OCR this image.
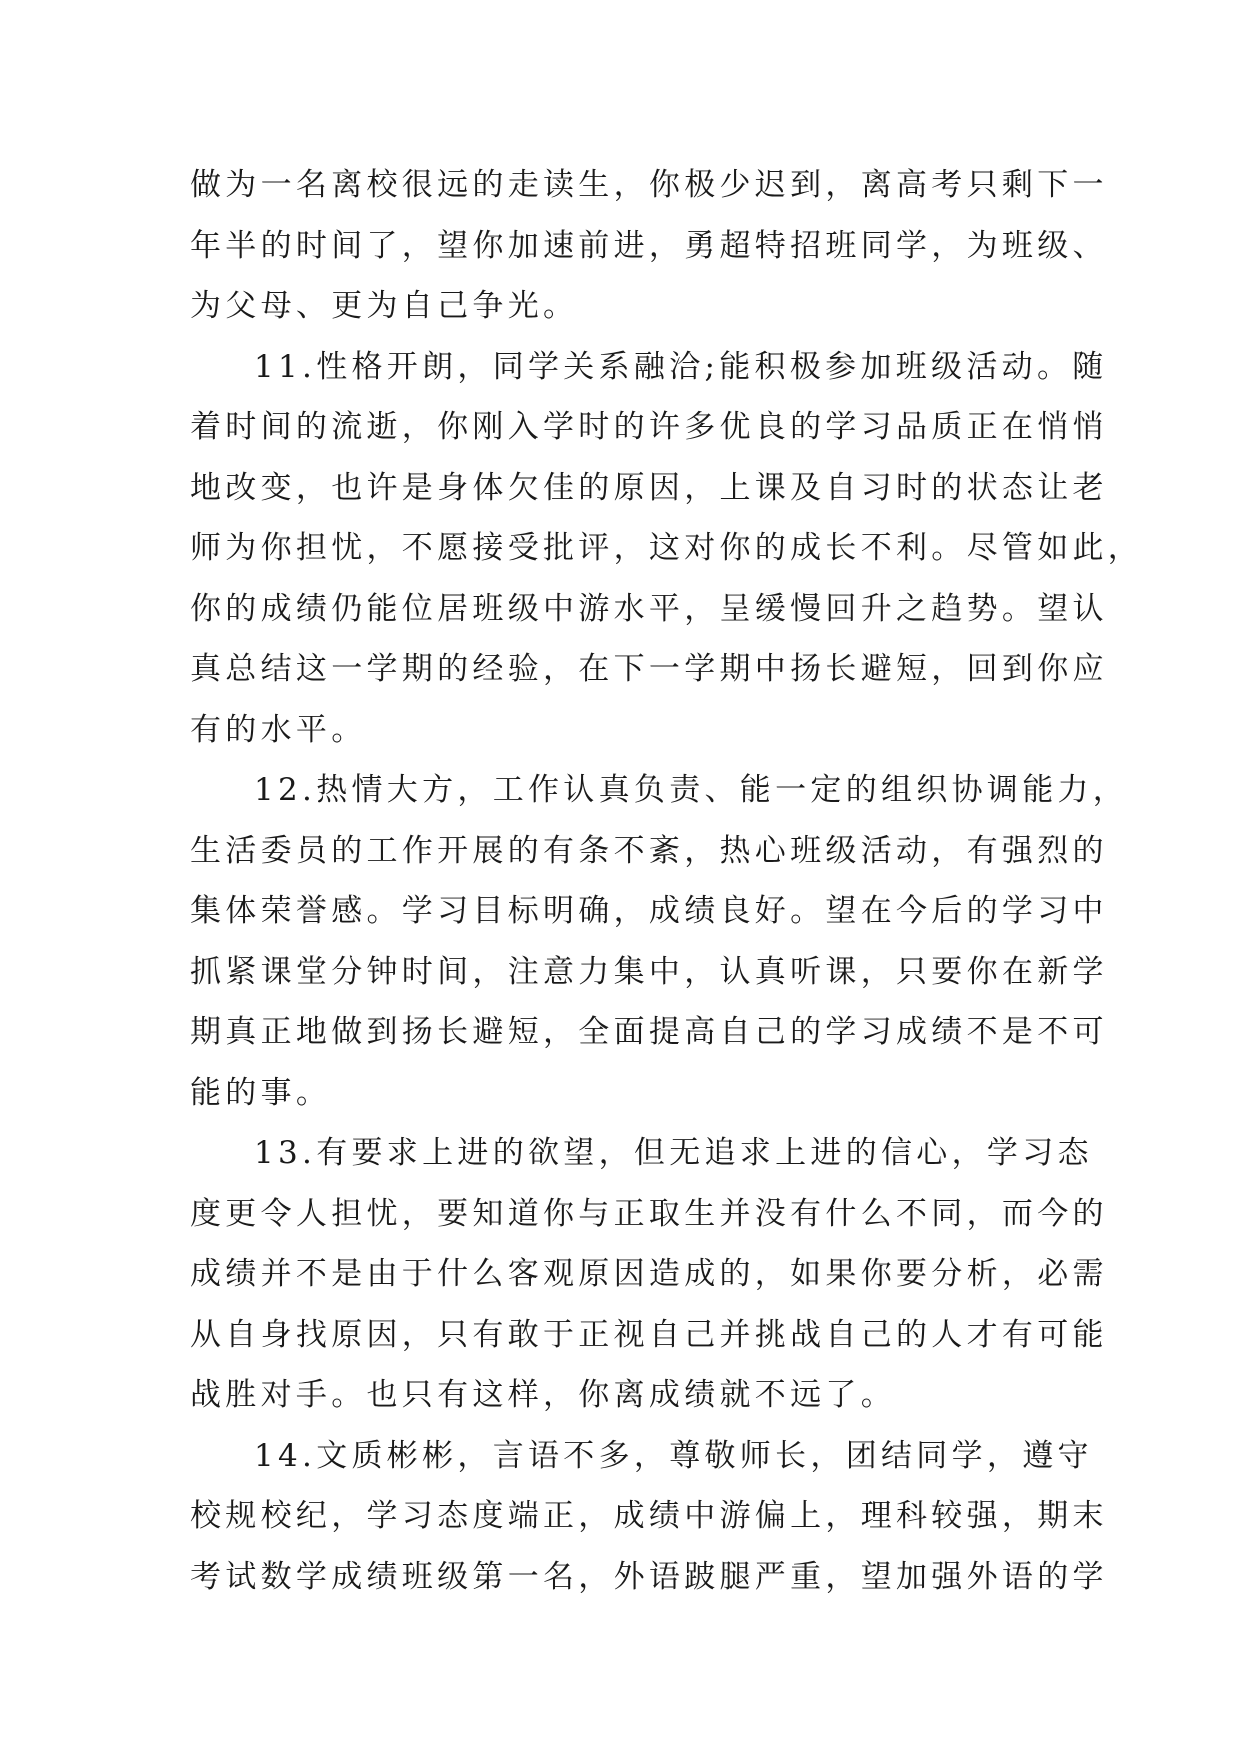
做为一名离校很远的走读生，你极少迟到，离高考只剩下一
年半的时间了，望你加速前进，勇超特招班同学，为班级、
为父母、更为自己争光。
11.性格开朗，同学关系融洽;能积极参加班级活动。随
着时间的流逝，你刚入学时的许多优良的学习品质正在悄悄
地改变，也许是身体欠佳的原因，上课及自习时的状态让老
师为你担忧，不愿接受批评，这对你的成长不利。尽管如此，
你的成绩仍能位居班级中游水平，呈缓慢回升之趋势。望认
真总结这一学期的经验，在下一学期中扬长避短，回到你应
有的水平。
12.热情大方，工作认真负责、能一定的组织协调能力，
生活委员的工作开展的有条不紊，热心班级活动，有强烈的
集体荣誉感。学习目标明确，成绩良好。望在今后的学习中
抓紧课堂分钟时间，注意力集中，认真听课，只要你在新学
期真正地做到扬长避短，全面提高自己的学习成绩不是不可
能的事。
13.有要求上进的欲望，但无追求上进的信心，学习态
度更令人担忧，要知道你与正取生并没有什么不同，而今的
成绩并不是由于什么客观原因造成的，如果你要分析，必需
从自身找原因，只有敢于正视自己并挑战自己的人才有可能
战胜对手。也只有这样，你离成绩就不远了。
14.文质彬彬，言语不多，尊敬师长，团结同学，遵守
校规校纪，学习态度端正，成绩中游偏上，理科较强，期末
考试数学成绩班级第一名，外语跛腿严重，望加强外语的学
